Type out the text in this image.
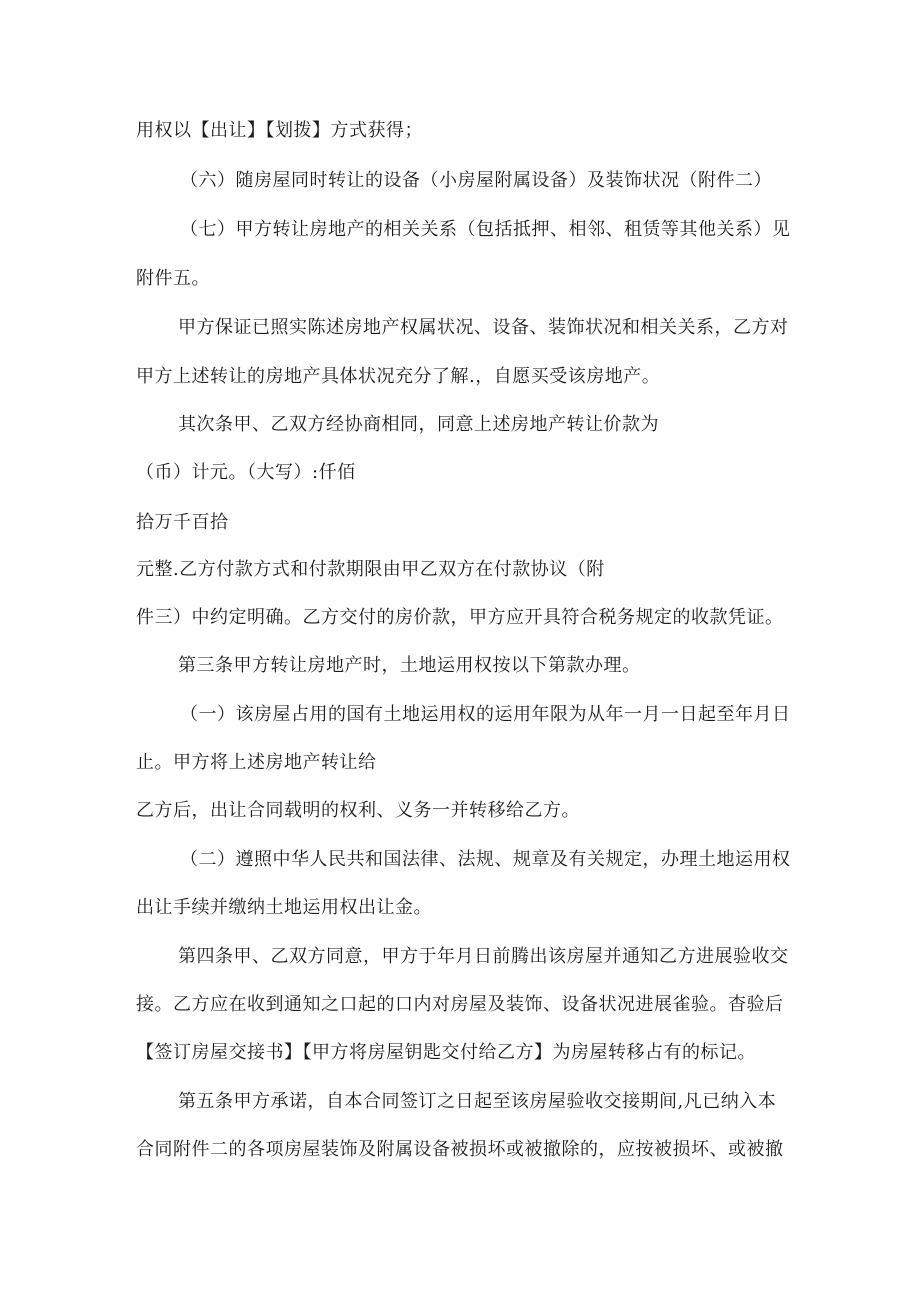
用权以【出让】【划拨】方式获得；
（六）随房屋同时转让的设备（小房屋附属设备）及装饰状况（附件二）
（七）甲方转让房地产的相关关系（包括抵押、相邻、租赁等其他关系）见
附件五。
甲方保证已照实陈述房地产权属状况、设备、装饰状况和相关关系，乙方对
甲方上述转让的房地产具体状况充分了解.，自愿买受该房地产。
其次条甲、乙双方经协商相同，同意上述房地产转让价款为
（币）计元。（大写）:仟佰
拾万千百拾
元整.乙方付款方式和付款期限由甲乙双方在付款协议（附
件三）中约定明确。乙方交付的房价款，甲方应开具符合税务规定的收款凭证。
第三条甲方转让房地产时，土地运用权按以下第款办理。
（一）该房屋占用的国有土地运用权的运用年限为从年一月一日起至年月日
止。甲方将上述房地产转让给
乙方后，出让合同载明的权利、义务一并转移给乙方。
（二）遵照中华人民共和国法律、法规、规章及有关规定，办理土地运用权
出让手续并缴纳土地运用权出让金。
第四条甲、乙双方同意，甲方于年月日前腾出该房屋并通知乙方进展验收交
接。乙方应在收到通知之口起的口内对房屋及装饰、设备状况进展雀验。杳验后
【签订房屋交接书】【甲方将房屋钥匙交付给乙方】为房屋转移占有的标记。
第五条甲方承诺，自本合同签订之日起至该房屋验收交接期间,凡已纳入本
合同附件二的各项房屋装饰及附属设备被损坏或被撤除的，应按被损坏、或被撤
